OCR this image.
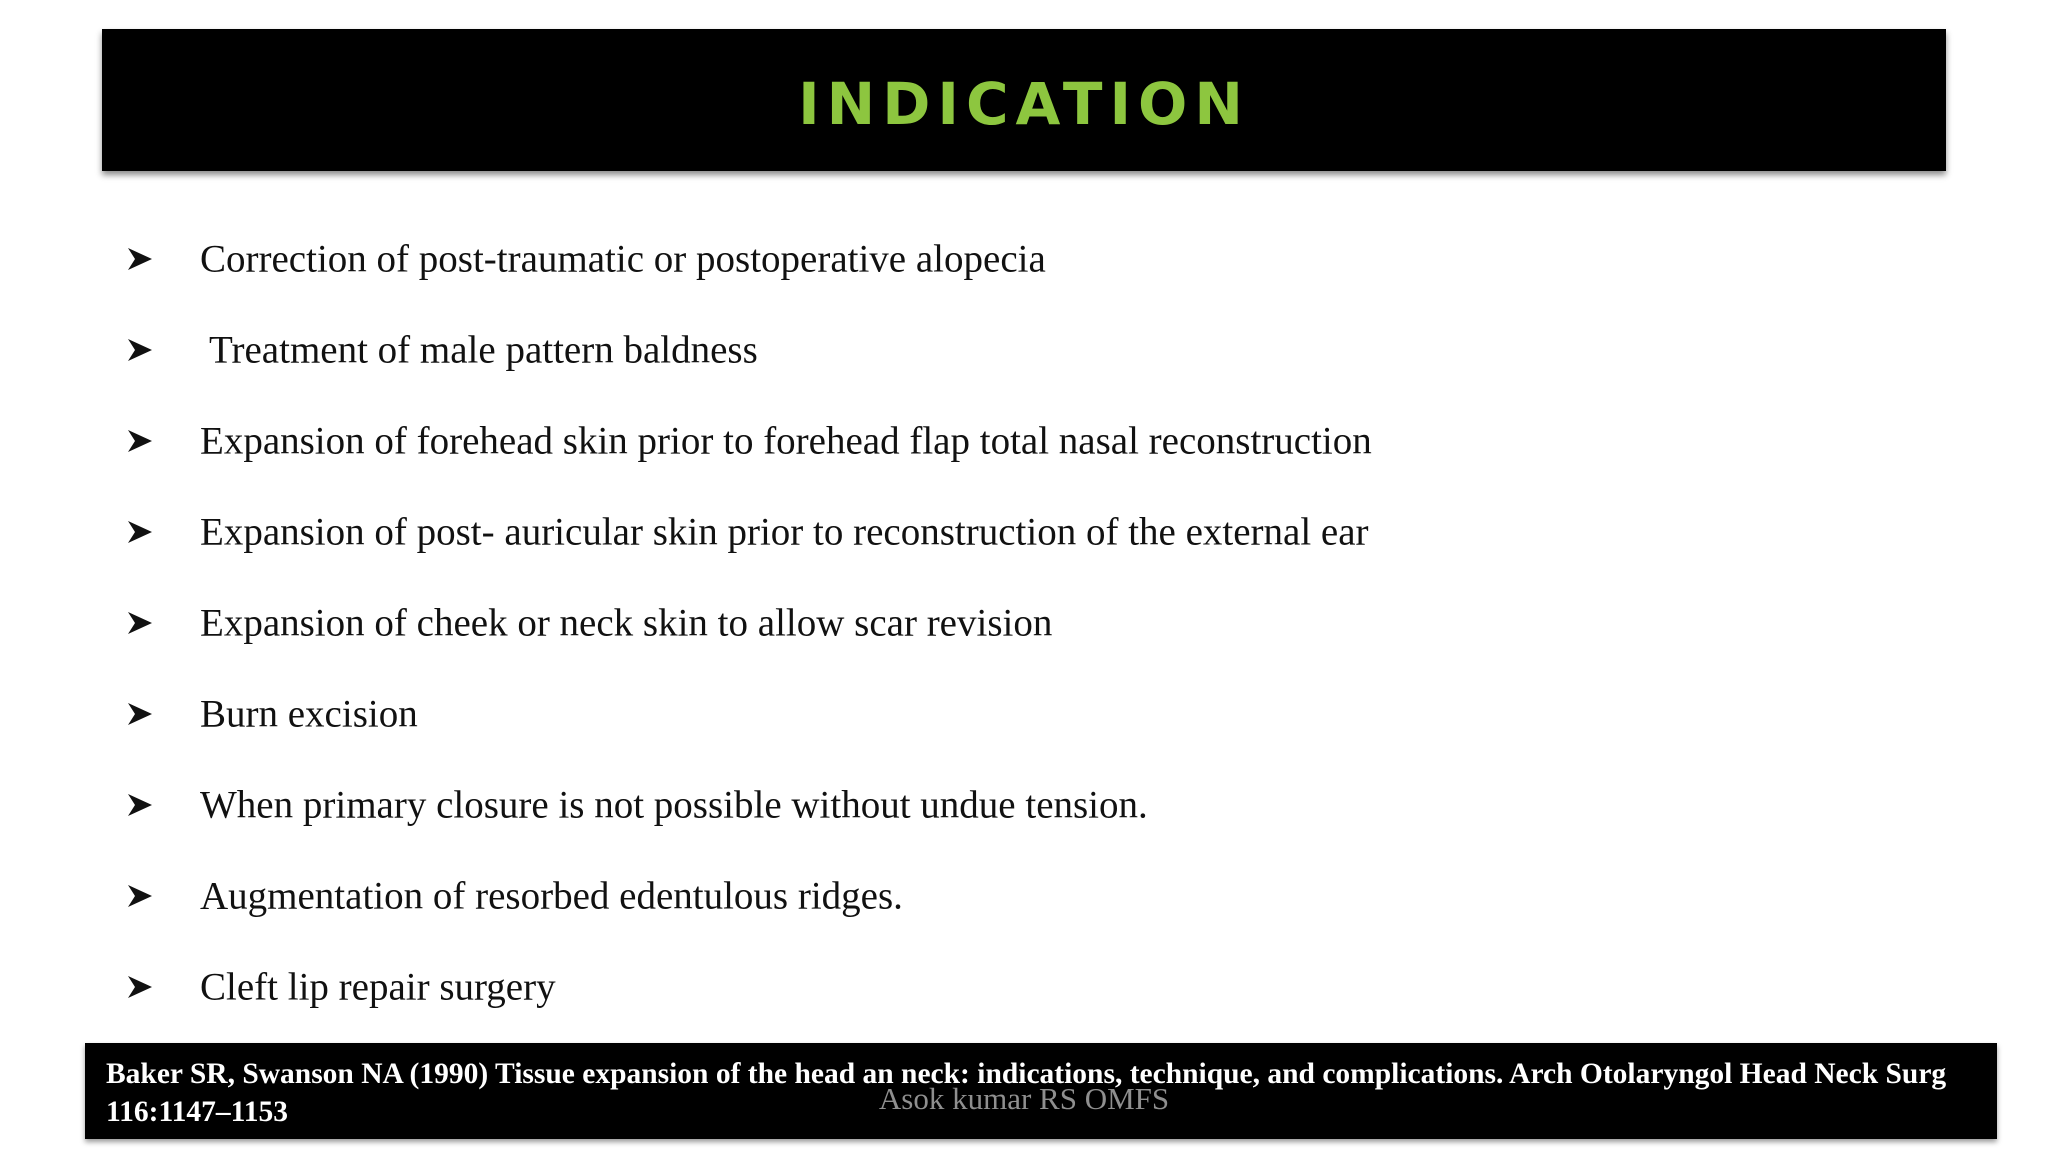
INDICATION
Correction of post-traumatic or postoperative alopecia
Treatment of male pattern baldness
Expansion of forehead skin prior to forehead flap total nasal reconstruction
Expansion of post- auricular skin prior to reconstruction of the external ear
Expansion of cheek or neck skin to allow scar revision
Burn excision
When primary closure is not possible without undue tension.
Augmentation of resorbed edentulous ridges.
Cleft lip repair surgery
Baker SR, Swanson NA (1990) Tissue expansion of the head an neck: indications, technique, and complications. Arch Otolaryngol Head Neck Surg 116:1147–1153	Asok kumar RS OMFS
